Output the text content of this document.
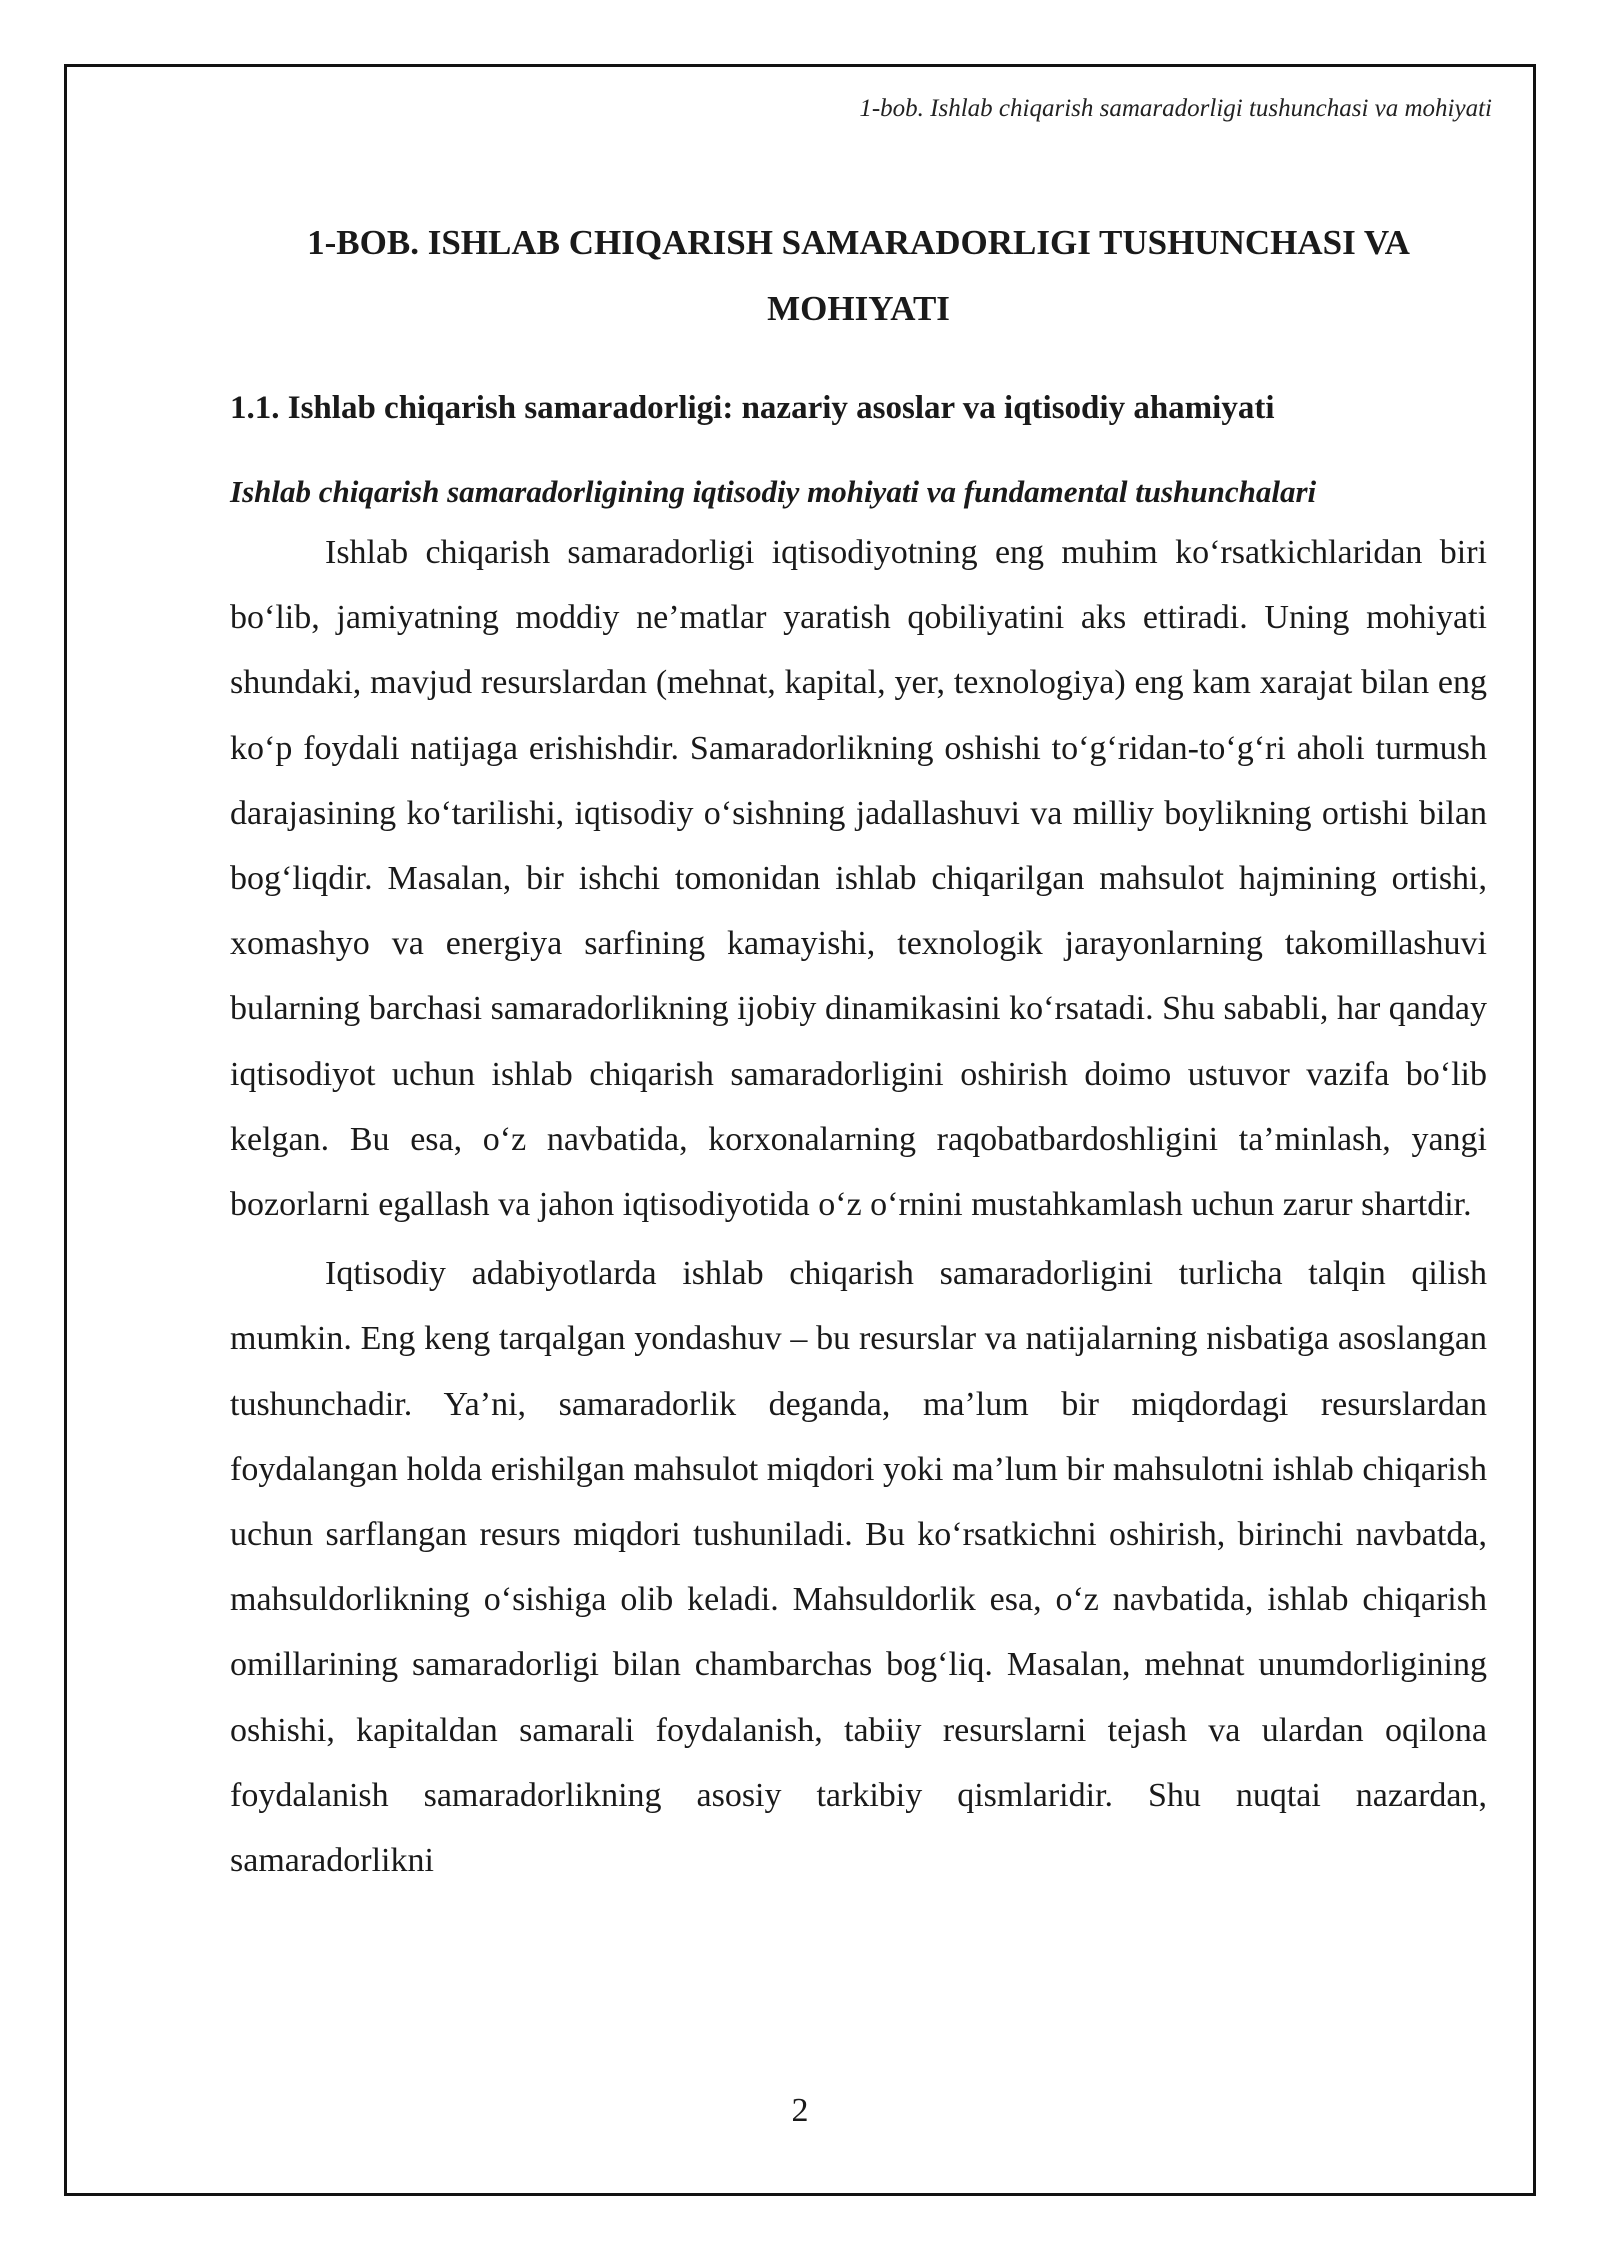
1-bob. Ishlab chiqarish samaradorligi tushunchasi va mohiyati
1-BOB. ISHLAB CHIQARISH SAMARADORLIGI TUSHUNCHASI VA MOHIYATI
1.1. Ishlab chiqarish samaradorligi: nazariy asoslar va iqtisodiy ahamiyati
Ishlab chiqarish samaradorligining iqtisodiy mohiyati va fundamental tushunchalari

Ishlab chiqarish samaradorligi iqtisodiyotning eng muhim ko‘rsatkichlaridan biri bo‘lib, jamiyatning moddiy ne’matlar yaratish qobiliyatini aks ettiradi. Uning mohiyati shundaki, mavjud resurslardan (mehnat, kapital, yer, texnologiya) eng kam xarajat bilan eng ko‘p foydali natijaga erishishdir. Samaradorlikning oshishi to‘g‘ridan-to‘g‘ri aholi turmush darajasining ko‘tarilishi, iqtisodiy o‘sishning jadallashuvi va milliy boylikning ortishi bilan bog‘liqdir. Masalan, bir ishchi tomonidan ishlab chiqarilgan mahsulot hajmining ortishi, xomashyo va energiya sarfining kamayishi, texnologik jarayonlarning takomillashuvi bularning barchasi samaradorlikning ijobiy dinamikasini ko‘rsatadi. Shu sababli, har qanday iqtisodiyot uchun ishlab chiqarish samaradorligini oshirish doimo ustuvor vazifa bo‘lib kelgan. Bu esa, o‘z navbatida, korxonalarning raqobatbardoshligini ta’minlash, yangi bozorlarni egallash va jahon iqtisodiyotida o‘z o‘rnini mustahkamlash uchun zarur shartdir.

Iqtisodiy adabiyotlarda ishlab chiqarish samaradorligini turlicha talqin qilish mumkin. Eng keng tarqalgan yondashuv – bu resurslar va natijalarning nisbatiga asoslangan tushunchadir. Ya’ni, samaradorlik deganda, ma’lum bir miqdordagi resurslardan foydalangan holda erishilgan mahsulot miqdori yoki ma’lum bir mahsulotni ishlab chiqarish uchun sarflangan resurs miqdori tushuniladi. Bu ko‘rsatkichni oshirish, birinchi navbatda, mahsuldorlikning o‘sishiga olib keladi. Mahsuldorlik esa, o‘z navbatida, ishlab chiqarish omillarining samaradorligi bilan chambarchas bog‘liq. Masalan, mehnat unumdorligining oshishi, kapitaldan samarali foydalanish, tabiiy resurslarni tejash va ulardan oqilona foydalanish samaradorlikning asosiy tarkibiy qismlaridir. Shu nuqtai nazardan, samaradorlikni

2
